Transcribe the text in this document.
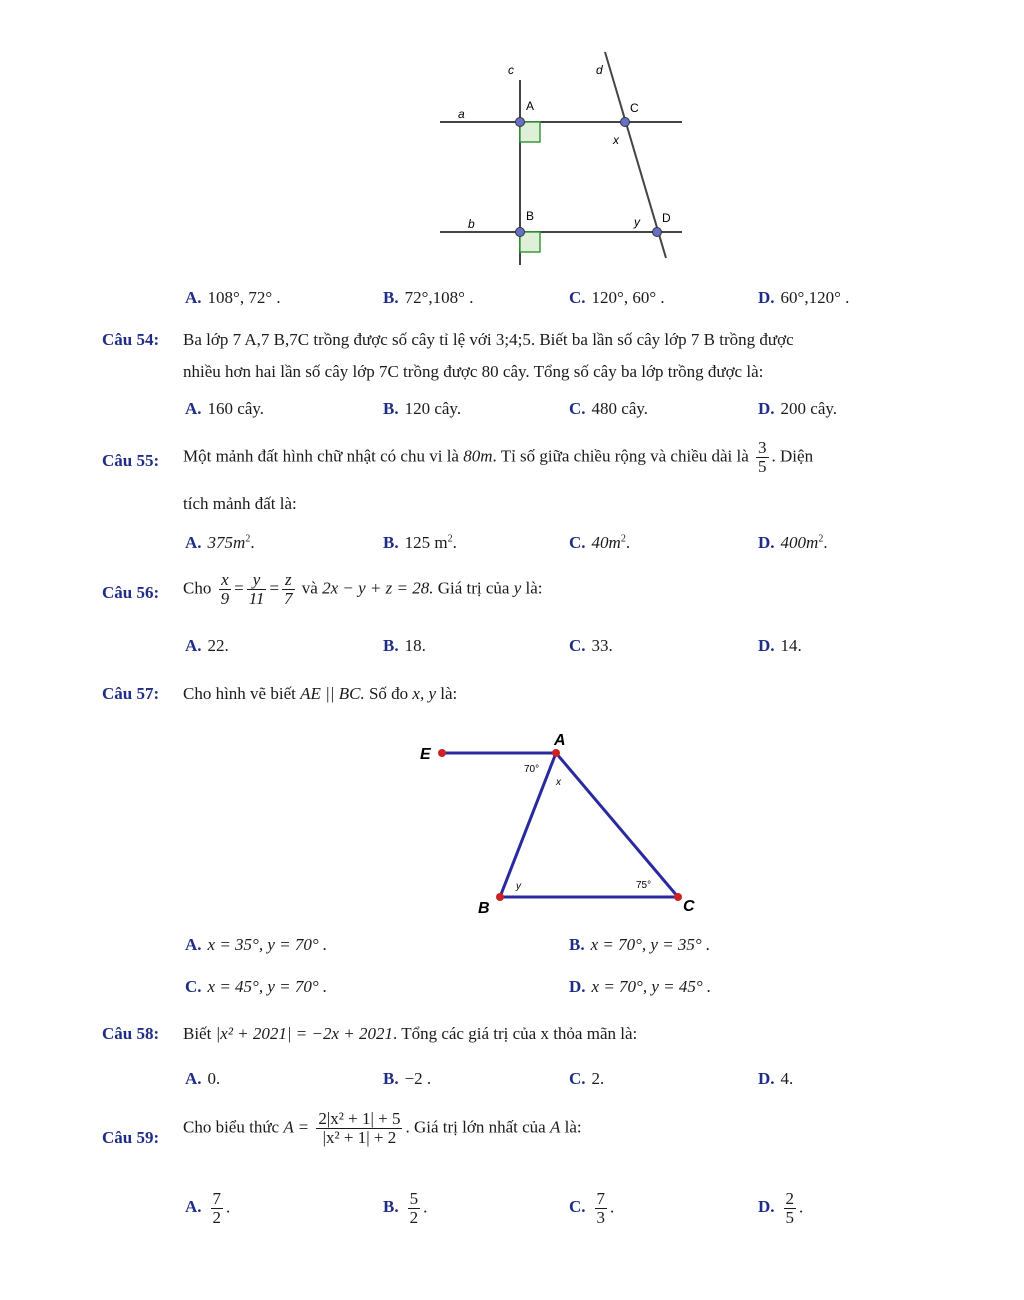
a
b
c	d
A	C
B	D
x
y
A. 108°, 72° .	B. 72°,108° .	C. 120°, 60° .	D. 60°,120° .
Câu 54: Ba lớp 7 A,7 B,7C trồng được số cây tỉ lệ với 3;4;5. Biết ba lần số cây lớp 7 B trồng được
nhiều hơn hai lần số cây lớp 7C trồng được 80 cây. Tổng số cây ba lớp trồng được là:
A. 160 cây.	B. 120 cây.	C. 480 cây.	D. 200 cây.
Câu 55: Một mảnh đất hình chữ nhật có chu vi là 80m. Tỉ số giữa chiều rộng và chiều dài là $\frac{3}{5}$ . Diện
tích mảnh đất là:
A. $375m^2$.	B. 125 $m^2$.	C. $40m^2$.	D. $400m^2$.
Câu 56: Cho $\frac{x}{9} = \frac{y}{11} = \frac{z}{7}$ và 2x − y + z = 28. Giá trị của y là:
A. 22.	B. 18.	C. 33.	D. 14.
Câu 57: Cho hình vẽ biết AE || BC. Số đo x, y là:
E
A
B	C
70°
x
y	75°
A. x = 35°, y = 70° .	B. x = 70°, y = 35° .
C. x = 45°, y = 70° .	D. x = 70°, y = 45° .
Câu 58: Biết |x² + 2021| = −2x + 2021. Tổng các giá trị của x thỏa mãn là:
A. 0.	B. −2 .	C. 2.	D. 4.
Câu 59:
Cho biểu thức $A = \frac{\text{2|x² + 1| + 5}}{\text{|x² + 1| + 2}}$ . Giá trị lớn nhất của A là:
A. $\frac{7}{2}$ .	B. $\frac{5}{2}$ .	C. $\frac{7}{3}$ .	D. $\frac{2}{5}$ .
